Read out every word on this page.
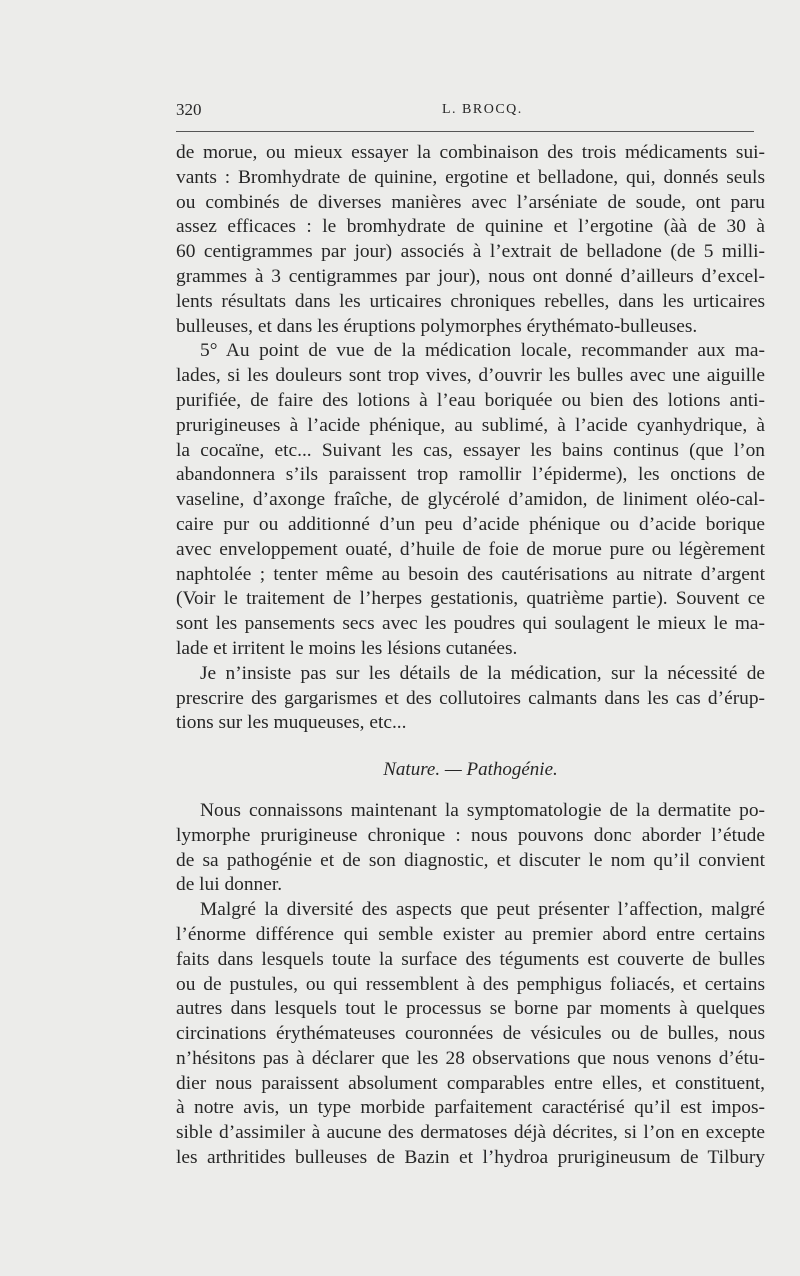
320	L. BROCQ.

de morue, ou mieux essayer la combinaison des trois médicaments sui-
vants : Bromhydrate de quinine, ergotine et belladone, qui, donnés seuls
ou combinés de diverses manières avec l’arséniate de soude, ont paru
assez efficaces : le bromhydrate de quinine et l’ergotine (àà de 30 à
60 centigrammes par jour) associés à l’extrait de belladone (de 5 milli-
grammes à 3 centigrammes par jour), nous ont donné d’ailleurs d’excel-
lents résultats dans les urticaires chroniques rebelles, dans les urticaires
bulleuses, et dans les éruptions polymorphes érythémato-bulleuses.

5° Au point de vue de la médication locale, recommander aux ma-
lades, si les douleurs sont trop vives, d’ouvrir les bulles avec une aiguille
purifiée, de faire des lotions à l’eau boriquée ou bien des lotions anti-
prurigineuses à l’acide phénique, au sublimé, à l’acide cyanhydrique, à
la cocaïne, etc... Suivant les cas, essayer les bains continus (que l’on
abandonnera s’ils paraissent trop ramollir l’épiderme), les onctions de
vaseline, d’axonge fraîche, de glycérolé d’amidon, de liniment oléo-cal-
caire pur ou additionné d’un peu d’acide phénique ou d’acide borique
avec enveloppement ouaté, d’huile de foie de morue pure ou légèrement
naphtolée ; tenter même au besoin des cautérisations au nitrate d’argent
(Voir le traitement de l’herpes gestationis, quatrième partie). Souvent ce
sont les pansements secs avec les poudres qui soulagent le mieux le ma-
lade et irritent le moins les lésions cutanées.

Je n’insiste pas sur les détails de la médication, sur la nécessité de
prescrire des gargarismes et des collutoires calmants dans les cas d’érup-
tions sur les muqueuses, etc...

Nature. — Pathogénie.

Nous connaissons maintenant la symptomatologie de la dermatite po-
lymorphe prurigineuse chronique : nous pouvons donc aborder l’étude
de sa pathogénie et de son diagnostic, et discuter le nom qu’il convient
de lui donner.

Malgré la diversité des aspects que peut présenter l’affection, malgré
l’énorme différence qui semble exister au premier abord entre certains
faits dans lesquels toute la surface des téguments est couverte de bulles
ou de pustules, ou qui ressemblent à des pemphigus foliacés, et certains
autres dans lesquels tout le processus se borne par moments à quelques
circinations érythémateuses couronnées de vésicules ou de bulles, nous
n’hésitons pas à déclarer que les 28 observations que nous venons d’étu-
dier nous paraissent absolument comparables entre elles, et constituent,
à notre avis, un type morbide parfaitement caractérisé qu’il est impos-
sible d’assimiler à aucune des dermatoses déjà décrites, si l’on en excepte
les arthritides bulleuses de Bazin et l’hydroa prurigineusum de Tilbury
